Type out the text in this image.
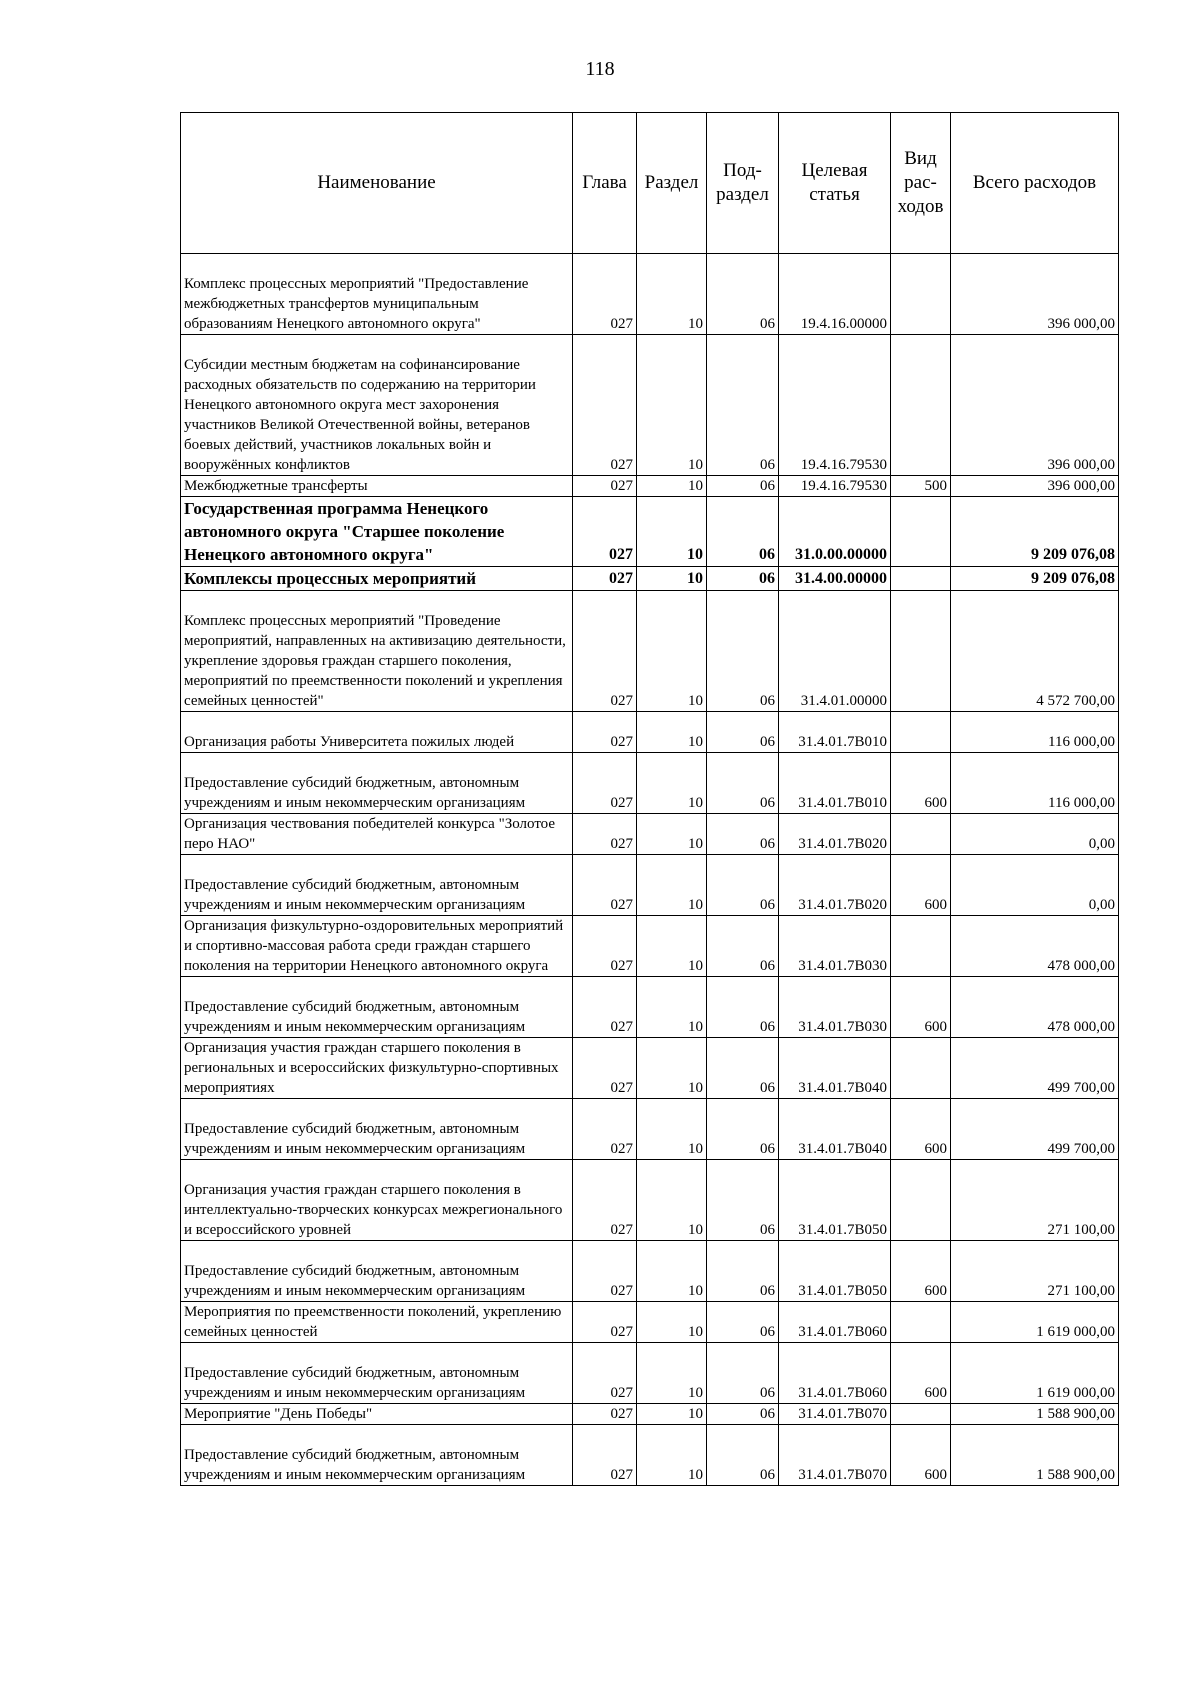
118
Наименование	Глава	Раздел	Под-раздел	Целевая статья	Вид рас-ходов	Всего расходов
Комплекс процессных мероприятий "Предоставление межбюджетных трансфертов муниципальным образованиям Ненецкого автономного округа"	027	10	06	19.4.16.00000		396 000,00
Субсидии местным бюджетам на софинансирование расходных обязательств по содержанию на территории Ненецкого автономного округа мест захоронения участников Великой Отечественной войны, ветеранов боевых действий, участников локальных войн и вооружённых конфликтов	027	10	06	19.4.16.79530		396 000,00
Межбюджетные трансферты	027	10	06	19.4.16.79530	500	396 000,00
Государственная программа Ненецкого автономного округа "Старшее поколение Ненецкого автономного округа"	027	10	06	31.0.00.00000		9 209 076,08
Комплексы процессных мероприятий	027	10	06	31.4.00.00000		9 209 076,08
Комплекс процессных мероприятий "Проведение мероприятий, направленных на активизацию деятельности, укрепление здоровья граждан старшего поколения, мероприятий по преемственности поколений и укрепления семейных ценностей"	027	10	06	31.4.01.00000		4 572 700,00
Организация работы Университета пожилых людей	027	10	06	31.4.01.7В010		116 000,00
Предоставление субсидий бюджетным, автономным учреждениям и иным некоммерческим организациям	027	10	06	31.4.01.7В010	600	116 000,00
Организация чествования победителей конкурса "Золотое перо НАО"	027	10	06	31.4.01.7В020		0,00
Предоставление субсидий бюджетным, автономным учреждениям и иным некоммерческим организациям	027	10	06	31.4.01.7В020	600	0,00
Организация физкультурно-оздоровительных мероприятий и спортивно-массовая работа среди граждан старшего поколения на территории Ненецкого автономного округа	027	10	06	31.4.01.7В030		478 000,00
Предоставление субсидий бюджетным, автономным учреждениям и иным некоммерческим организациям	027	10	06	31.4.01.7В030	600	478 000,00
Организация участия граждан старшего поколения в региональных и всероссийских физкультурно-спортивных мероприятиях	027	10	06	31.4.01.7В040		499 700,00
Предоставление субсидий бюджетным, автономным учреждениям и иным некоммерческим организациям	027	10	06	31.4.01.7В040	600	499 700,00
Организация участия граждан старшего поколения в интеллектуально-творческих конкурсах межрегионального и всероссийского уровней	027	10	06	31.4.01.7В050		271 100,00
Предоставление субсидий бюджетным, автономным учреждениям и иным некоммерческим организациям	027	10	06	31.4.01.7В050	600	271 100,00
Мероприятия по преемственности поколений, укреплению семейных ценностей	027	10	06	31.4.01.7В060		1 619 000,00
Предоставление субсидий бюджетным, автономным учреждениям и иным некоммерческим организациям	027	10	06	31.4.01.7В060	600	1 619 000,00
Мероприятие "День Победы"	027	10	06	31.4.01.7В070		1 588 900,00
Предоставление субсидий бюджетным, автономным учреждениям и иным некоммерческим организациям	027	10	06	31.4.01.7В070	600	1 588 900,00
